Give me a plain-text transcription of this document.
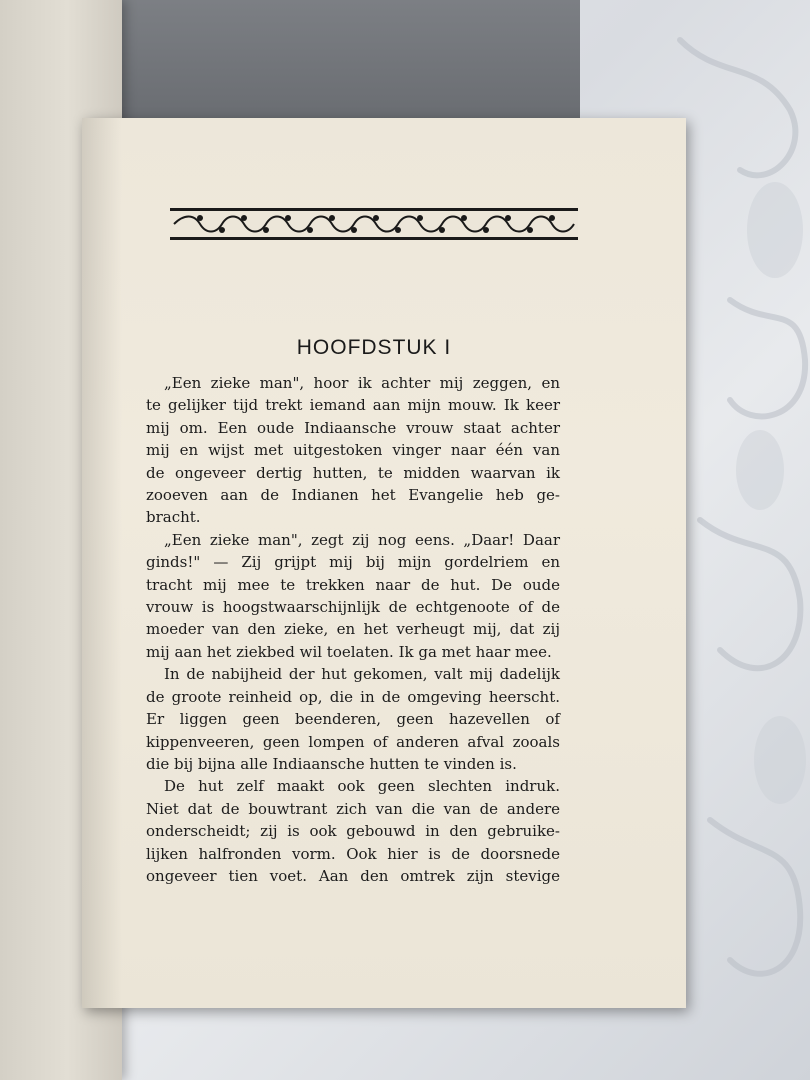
HOOFDSTUK I
„Een zieke man", hoor ik achter mij zeggen, en
te gelijker tijd trekt iemand aan mijn mouw. Ik keer
mij om. Een oude Indiaansche vrouw staat achter
mij en wijst met uitgestoken vinger naar één van
de ongeveer dertig hutten, te midden waarvan ik
zooeven aan de Indianen het Evangelie heb ge-
bracht.
„Een zieke man", zegt zij nog eens. „Daar! Daar
ginds!" — Zij grijpt mij bij mijn gordelriem en
tracht mij mee te trekken naar de hut. De oude
vrouw is hoogstwaarschijnlijk de echtgenoote of de
moeder van den zieke, en het verheugt mij, dat zij
mij aan het ziekbed wil toelaten. Ik ga met haar mee.
In de nabijheid der hut gekomen, valt mij dadelijk
de groote reinheid op, die in de omgeving heerscht.
Er liggen geen beenderen, geen hazevellen of
kippenveeren, geen lompen of anderen afval zooals
die bij bijna alle Indiaansche hutten te vinden is.
De hut zelf maakt ook geen slechten indruk.
Niet dat de bouwtrant zich van die van de andere
onderscheidt; zij is ook gebouwd in den gebruike-
lijken halfronden vorm. Ook hier is de doorsnede
ongeveer tien voet. Aan den omtrek zijn stevige
